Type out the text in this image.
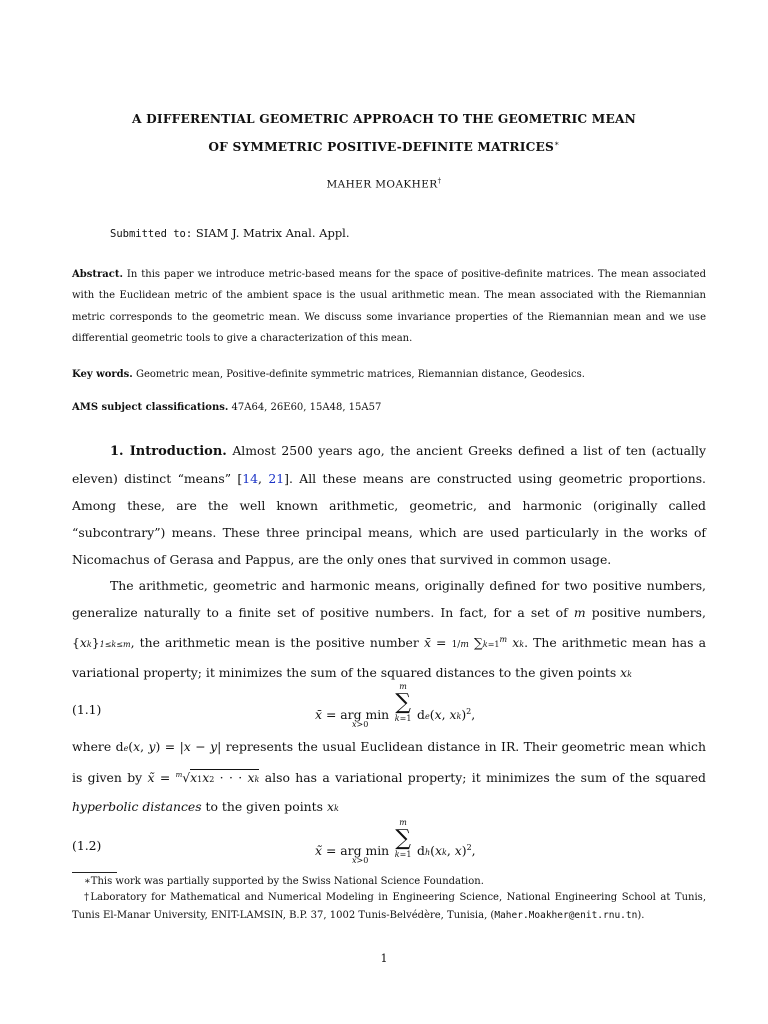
A DIFFERENTIAL GEOMETRIC APPROACH TO THE GEOMETRIC MEAN
OF SYMMETRIC POSITIVE-DEFINITE MATRICES∗
MAHER MOAKHER†
Submitted to: SIAM J. Matrix Anal. Appl.
Abstract. In this paper we introduce metric-based means for the space of positive-definite matrices. The mean associated with the Euclidean metric of the ambient space is the usual arithmetic mean. The mean associated with the Riemannian metric corresponds to the geometric mean. We discuss some invariance properties of the Riemannian mean and we use differential geometric tools to give a characterization of this mean.
Key words. Geometric mean, Positive-definite symmetric matrices, Riemannian distance, Geodesics.
AMS subject classifications. 47A64, 26E60, 15A48, 15A57
1. Introduction. Almost 2500 years ago, the ancient Greeks defined a list of ten (actually eleven) distinct “means” [14, 21]. All these means are constructed using geometric proportions. Among these, are the well known arithmetic, geometric, and harmonic (originally called “subcontrary”) means. These three principal means, which are used particularly in the works of Nicomachus of Gerasa and Pappus, are the only ones that survived in common usage.
The arithmetic, geometric and harmonic means, originally defined for two positive numbers, generalize naturally to a finite set of positive numbers. In fact, for a set of m positive numbers, {xk}1≤k≤m, the arithmetic mean is the positive number x̄ = 1/m $\sum k=1^m$ xk. The arithmetic mean has a variational property; it minimizes the sum of the squared distances to the given points xk
(1.1)	x̄ = arg min
x>0
m
∑
k=1 de(x, xk)$^2$,
where de(x, y) = |x − y| represents the usual Euclidean distance in IR. Their geometric mean which is given by x̃ = $^m$√x1x2 · · · xk also has a variational property; it minimizes the sum of the squared hyperbolic distances to the given points xk
(1.2)	x̃ = arg min
x>0
m
∑
k=1 dh(xk, x)$^2$,
∗This work was partially supported by the Swiss National Science Foundation.
†Laboratory for Mathematical and Numerical Modeling in Engineering Science, National Engineering School at Tunis, Tunis El-Manar University, ENIT-LAMSIN, B.P. 37, 1002 Tunis-Belvédère, Tunisia, (Maher.Moakher@enit.rnu.tn).
1
